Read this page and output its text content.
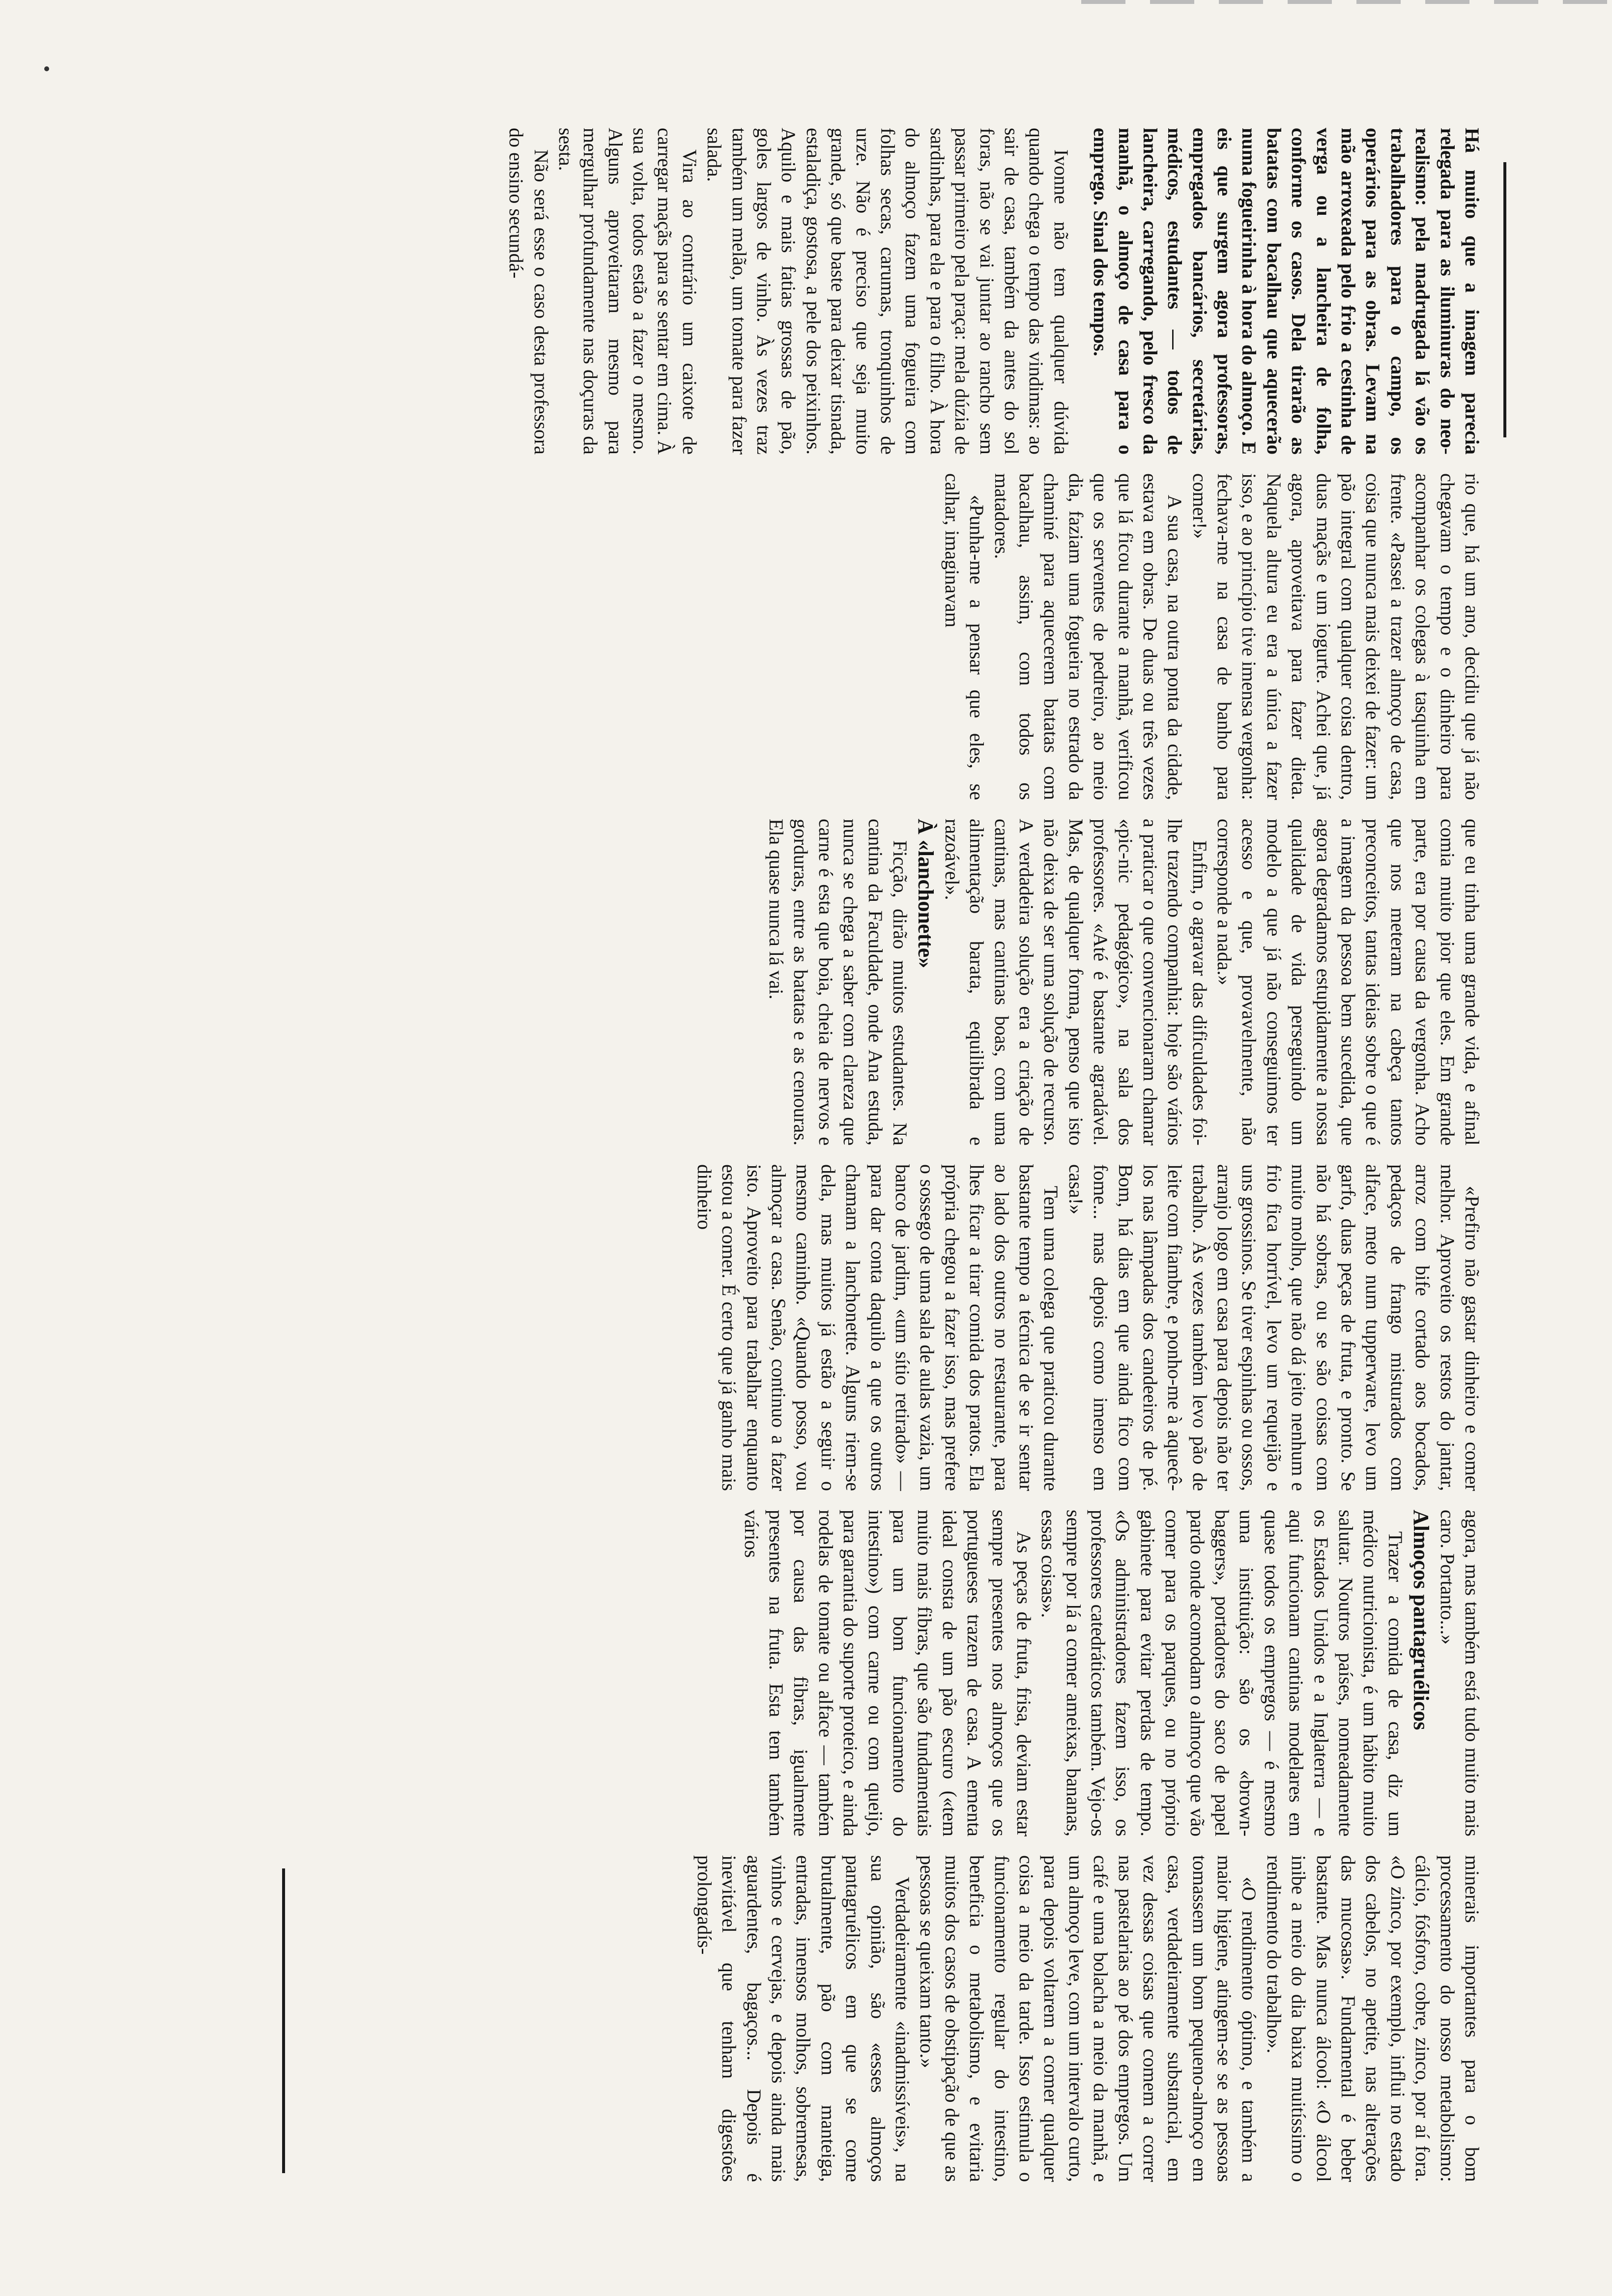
Há muito que a imagem parecia relegada para as iluminuras do neo-realismo: pela madrugada lá vão os trabalhadores para o campo, os operários para as obras. Levam na mão arroxeada pelo frio a cestinha de verga ou a lancheira de folha, conforme os casos. Dela tirarão as batatas com bacalhau que aquecerão numa fogueirinha à hora do almoço. E eis que surgem agora professoras, empregados bancários, secretárias, médicos, estudantes — todos de lancheira, carregando, pelo fresco da manhã, o almoço de casa para o emprego. Sinal dos tempos.

Ivonne não tem qualquer dúvida quando chega o tempo das vindimas: ao sair de casa, também da antes do sol foras, não se vai juntar ao rancho sem passar primeiro pela praça: mela dúzia de sardinhas, para ela e para o filho. À hora do almoço fazem uma fogueira com folhas secas, carumas, tronquinhos de urze. Não é preciso que seja muito grande, só que baste para deixar tisnada, estaladiça, gostosa, a pele dos peixinhos. Aquilo e mais fatias grossas de pão, goles largos de vinho. Às vezes traz também um melão, um tomate para fazer salada.

Vira ao contrário um caixote de carregar maçãs para se sentar em cima. À sua volta, todos estão a fazer o mesmo. Alguns aproveitaram mesmo para mergulhar profundamente nas doçuras da sesta.

Não será esse o caso desta professora do ensino secundá-

rio que, há um ano, decidiu que já não chegavam o tempo e o dinheiro para acompanhar os colegas à tasquinha em frente. «Passei a trazer almoço de casa, coisa que nunca mais deixei de fazer: um pão integral com qualquer coisa dentro, duas maçãs e um iogurte. Achei que, já agora, aproveitava para fazer dieta. Naquela altura eu era a única a fazer isso, e ao princípio tive imensa vergonha: fechava-me na casa de banho para comer!»

A sua casa, na outra ponta da cidade, estava em obras. De duas ou três vezes que lá ficou durante a manhã, verificou que os serventes de pedreiro, ao meio dia, faziam uma fogueira no estrado da chaminé para aquecerem batatas com bacalhau, assim, com todos os matadores.

«Punha-me a pensar que eles, se calhar, imaginavam

que eu tinha uma grande vida, e afinal comia muito pior que eles. Em grande parte, era por causa da vergonha. Acho que nos meteram na cabeça tantos preconceitos, tantas ideias sobre o que é a imagem da pessoa bem sucedida, que agora degradamos estupidamente a nossa qualidade de vida perseguindo um modelo a que já não conseguimos ter acesso e que, provavelmente, não corresponde a nada.»

Enfim, o agravar das dificuldades foi-lhe trazendo companhia: hoje são vários a praticar o que convencionaram chamar «pic-nic pedagógico», na sala dos professores. «Até é bastante agradável. Mas, de qualquer forma, penso que isto não deixa de ser uma solução de recurso. A verdadeira solução era a criação de cantinas, mas cantinas boas, com uma alimentação barata, equilibrada e razoável».

À «lanchonette»

Ficção, dirão muitos estudantes. Na cantina da Faculdade, onde Ana estuda, nunca se chega a saber com clareza que carne é esta que boia, cheia de nervos e gorduras, entre as batatas e as cenouras. Ela quase nunca lá vai.

«Prefiro não gastar dinheiro e comer melhor. Aproveito os restos do jantar, arroz com bife cortado aos bocados, pedaços de frango misturados com alface, meto num tupperware, levo um garfo, duas peças de fruta, e pronto. Se não há sobras, ou se são coisas com muito molho, que não dá jeito nenhum e frio fica horrível, levo um requeijão e uns grossinos. Se tiver espinhas ou ossos, arranjo logo em casa para depois não ter trabalho. Às vezes também levo pão de leite com fiambre, e ponho-me à aquecê-los nas lâmpadas dos candeeiros de pé. Bom, há dias em que ainda fico com fome... mas depois como imenso em casa!»

Tem uma colega que praticou durante bastante tempo a técnica de se ir sentar ao lado dos outros no restaurante, para lhes ficar a tirar comida dos pratos. Ela própria chegou a fazer isso, mas prefere o sossego de uma sala de aulas vazia, um banco de jardim, «um sítio retirado» — para dar conta daquilo a que os outros chamam a lanchonette. Alguns riem-se dela, mas muitos já estão a seguir o mesmo caminho. «Quando posso, vou almoçar a casa. Senão, continuo a fazer isto. Aproveito para trabalhar enquanto estou a comer. É certo que já ganho mais dinheiro

agora, mas também está tudo muito mais caro. Portanto...»

Almoços pantagruélicos

Trazer a comida de casa, diz um médico nutricionista, é um hábito muito salutar. Noutros países, nomeadamente os Estados Unidos e a Inglaterra — e aqui funcionam cantinas modelares em quase todos os empregos — é mesmo uma instituição: são os «brown-baggers», portadores do saco de papel pardo onde acomodam o almoço que vão comer para os parques, ou no próprio gabinete para evitar perdas de tempo. «Os administradores fazem isso, os professores catedráticos também. Vejo-os sempre por lá a comer ameixas, bananas, essas coisas».

As peças de fruta, frisa, deviam estar sempre presentes nos almoços que os portugueses trazem de casa. A ementa ideal consta de um pão escuro («tem muito mais fibras, que são fundamentais para um bom funcionamento do intestino») com carne ou com queijo, para garantia do suporte proteico, e ainda rodelas de tomate ou alface — também por causa das fibras, igualmente presentes na fruta. Esta tem também vários

minerais importantes para o bom processamento do nosso metabolismo: cálcio, fósforo, cobre, zinco, por aí fora. «O zinco, por exemplo, influi no estado dos cabelos, no apetite, nas alterações das mucosas». Fundamental é beber bastante. Mas nunca álcool: «O álcool inibe a meio do dia baixa muitíssimo o rendimento do trabalho».

«O rendimento óptimo, e também a maior higiene, atingem-se se as pessoas tomassem um bom pequeno-almoço em casa, verdadeiramente substancial, em vez dessas coisas que comem a correr nas pastelarias ao pé dos empregos. Um café e uma bolacha a meio da manhã, e um almoço leve, com um intervalo curto, para depois voltarem a comer qualquer coisa a meio da tarde. Isso estimula o funcionamento regular do intestino, beneficia o metabolismo, e evitaria muitos dos casos de obstipação de que as pessoas se queixam tanto.»

Verdadeiramente «inadmissíveis», na sua opinião, são «esses almoços pantagruélicos em que se come brutalmente, pão com manteiga, entradas, imensos molhos, sobremesas, vinhos e cervejas, e depois ainda mais aguardentes, bagaços... Depois é inevitável que tenham digestões prolongadís-
